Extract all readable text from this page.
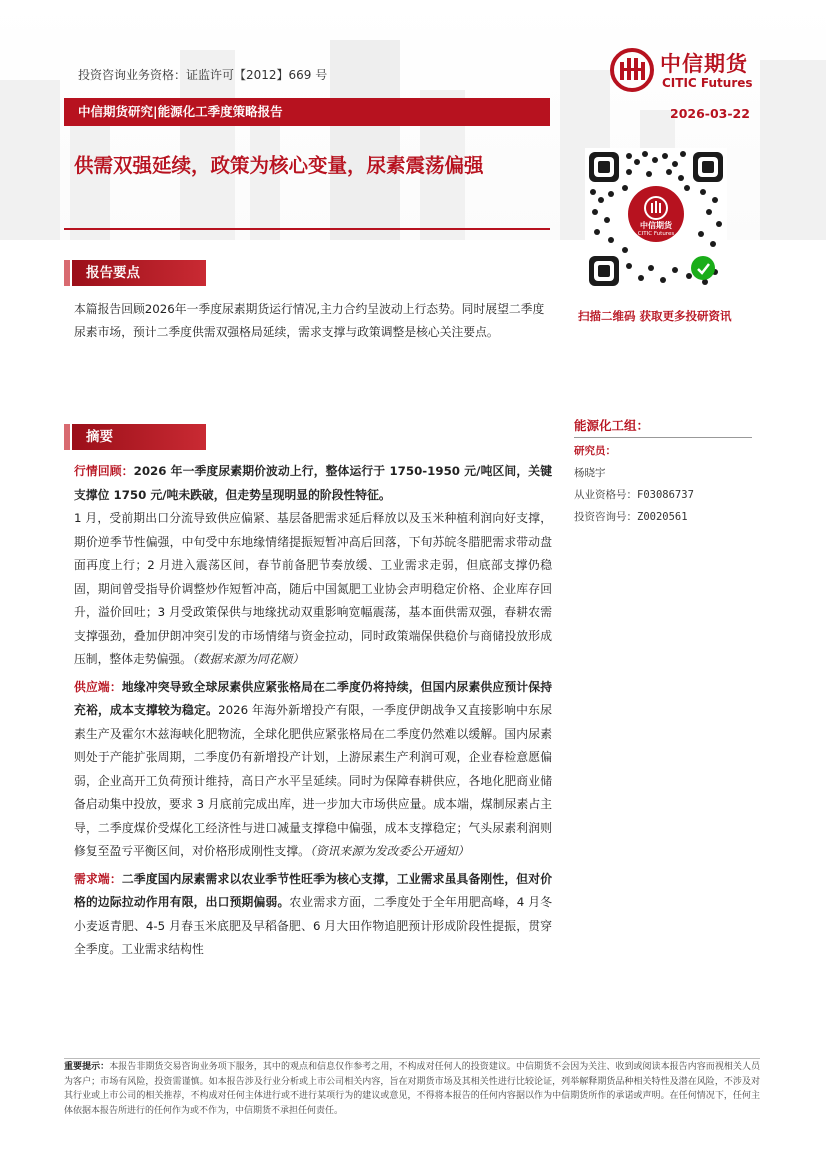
投资咨询业务资格：证监许可【2012】669 号	中信期货
CITIC Futures
中信期货研究|能源化工季度策略报告	2026-03-22
供需双强延续，政策为核心变量，尿素震荡偏强
中信期货
CITIC Futures
扫描二维码 获取更多投研资讯
报告要点
本篇报告回顾2026年一季度尿素期货运行情况,主力合约呈波动上行态势。同时展望二季度尿素市场，预计二季度供需双强格局延续，需求支撑与政策调整是核心关注要点。
摘要

行情回顾：2026 年一季度尿素期价波动上行，整体运行于 1750-1950 元/吨区间，关键支撑位 1750 元/吨未跌破，但走势呈现明显的阶段性特征。
1 月，受前期出口分流导致供应偏紧、基层备肥需求延后释放以及玉米种植利润向好支撑，期价逆季节性偏强，中旬受中东地缘情绪提振短暂冲高后回落，下旬苏皖冬腊肥需求带动盘面再度上行；2 月进入震荡区间，春节前备肥节奏放缓、工业需求走弱，但底部支撑仍稳固，期间曾受指导价调整炒作短暂冲高，随后中国氮肥工业协会声明稳定价格、企业库存回升，溢价回吐；3 月受政策保供与地缘扰动双重影响宽幅震荡，基本面供需双强，春耕农需支撑强劲，叠加伊朗冲突引发的市场情绪与资金拉动，同时政策端保供稳价与商储投放形成压制，整体走势偏强。（数据来源为同花顺）

供应端：地缘冲突导致全球尿素供应紧张格局在二季度仍将持续，但国内尿素供应预计保持充裕，成本支撑较为稳定。2026 年海外新增投产有限，一季度伊朗战争又直接影响中东尿素生产及霍尔木兹海峡化肥物流，全球化肥供应紧张格局在二季度仍然难以缓解。国内尿素则处于产能扩张周期，二季度仍有新增投产计划，上游尿素生产利润可观，企业春检意愿偏弱，企业高开工负荷预计维持，高日产水平呈延续。同时为保障春耕供应，各地化肥商业储备启动集中投放，要求 3 月底前完成出库，进一步加大市场供应量。成本端，煤制尿素占主导，二季度煤价受煤化工经济性与进口减量支撑稳中偏强，成本支撑稳定；气头尿素利润则修复至盈亏平衡区间，对价格形成刚性支撑。（资讯来源为发改委公开通知）

需求端：二季度国内尿素需求以农业季节性旺季为核心支撑，工业需求虽具备刚性，但对价格的边际拉动作用有限，出口预期偏弱。农业需求方面，二季度处于全年用肥高峰，4 月冬小麦返青肥、4-5 月春玉米底肥及早稻备肥、6 月大田作物追肥预计形成阶段性提振，贯穿全季度。工业需求结构性

能源化工组：
研究员：
杨晓宇
从业资格号：F03086737
投资咨询号：Z0020561
重要提示：本报告非期货交易咨询业务项下服务，其中的观点和信息仅作参考之用，不构成对任何人的投资建议。中信期货不会因为关注、收到或阅读本报告内容而视相关人员为客户；市场有风险，投资需谨慎。如本报告涉及行业分析或上市公司相关内容，旨在对期货市场及其相关性进行比较论证，列举解释期货品种相关特性及潜在风险，不涉及对其行业或上市公司的相关推荐，不构成对任何主体进行或不进行某项行为的建议或意见，不得将本报告的任何内容据以作为中信期货所作的承诺或声明。在任何情况下，任何主体依据本报告所进行的任何作为或不作为，中信期货不承担任何责任。
